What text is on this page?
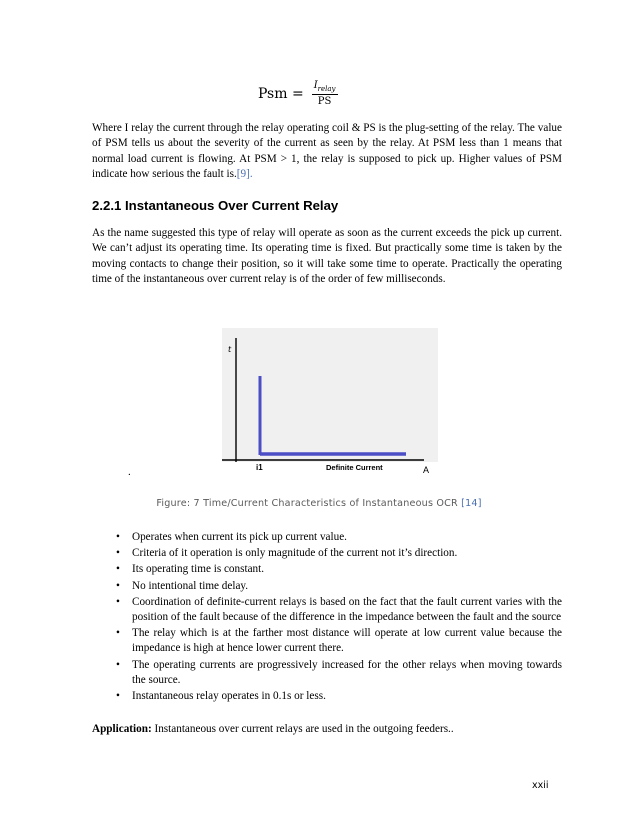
Psm = $\frac{I_{relay}}{PS}$

Where I relay the current through the relay operating coil & PS is the plug-setting of the relay. The value of PSM tells us about the severity of the current as seen by the relay. At PSM less than 1 means that normal load current is flowing. At PSM > 1, the relay is supposed to pick up. Higher values of PSM indicate how serious the fault is.[9].

2.2.1 Instantaneous Over Current Relay

As the name suggested this type of relay will operate as soon as the current exceeds the pick up current. We can’t adjust its operating time. Its operating time is fixed. But practically some time is taken by the moving contacts to change their position, so it will take some time to operate. Practically the operating time of the instantaneous over current relay is of the order of few milliseconds.

t
i1	Definite Current	A
.
Figure: 7 Time/Current Characteristics of Instantaneous OCR [14]
• Operates when current its pick up current value.
• Criteria of it operation is only magnitude of the current not it’s direction.
• Its operating time is constant.
• No intentional time delay.
• Coordination of definite-current relays is based on the fact that the fault current varies with the position of the fault because of the difference in the impedance between the fault and the source
• The relay which is at the farther most distance will operate at low current value because the impedance is high at hence lower current there.
• The operating currents are progressively increased for the other relays when moving towards the source.
• Instantaneous relay operates in 0.1s or less.
Application: Instantaneous over current relays are used in the outgoing feeders..
xxii
